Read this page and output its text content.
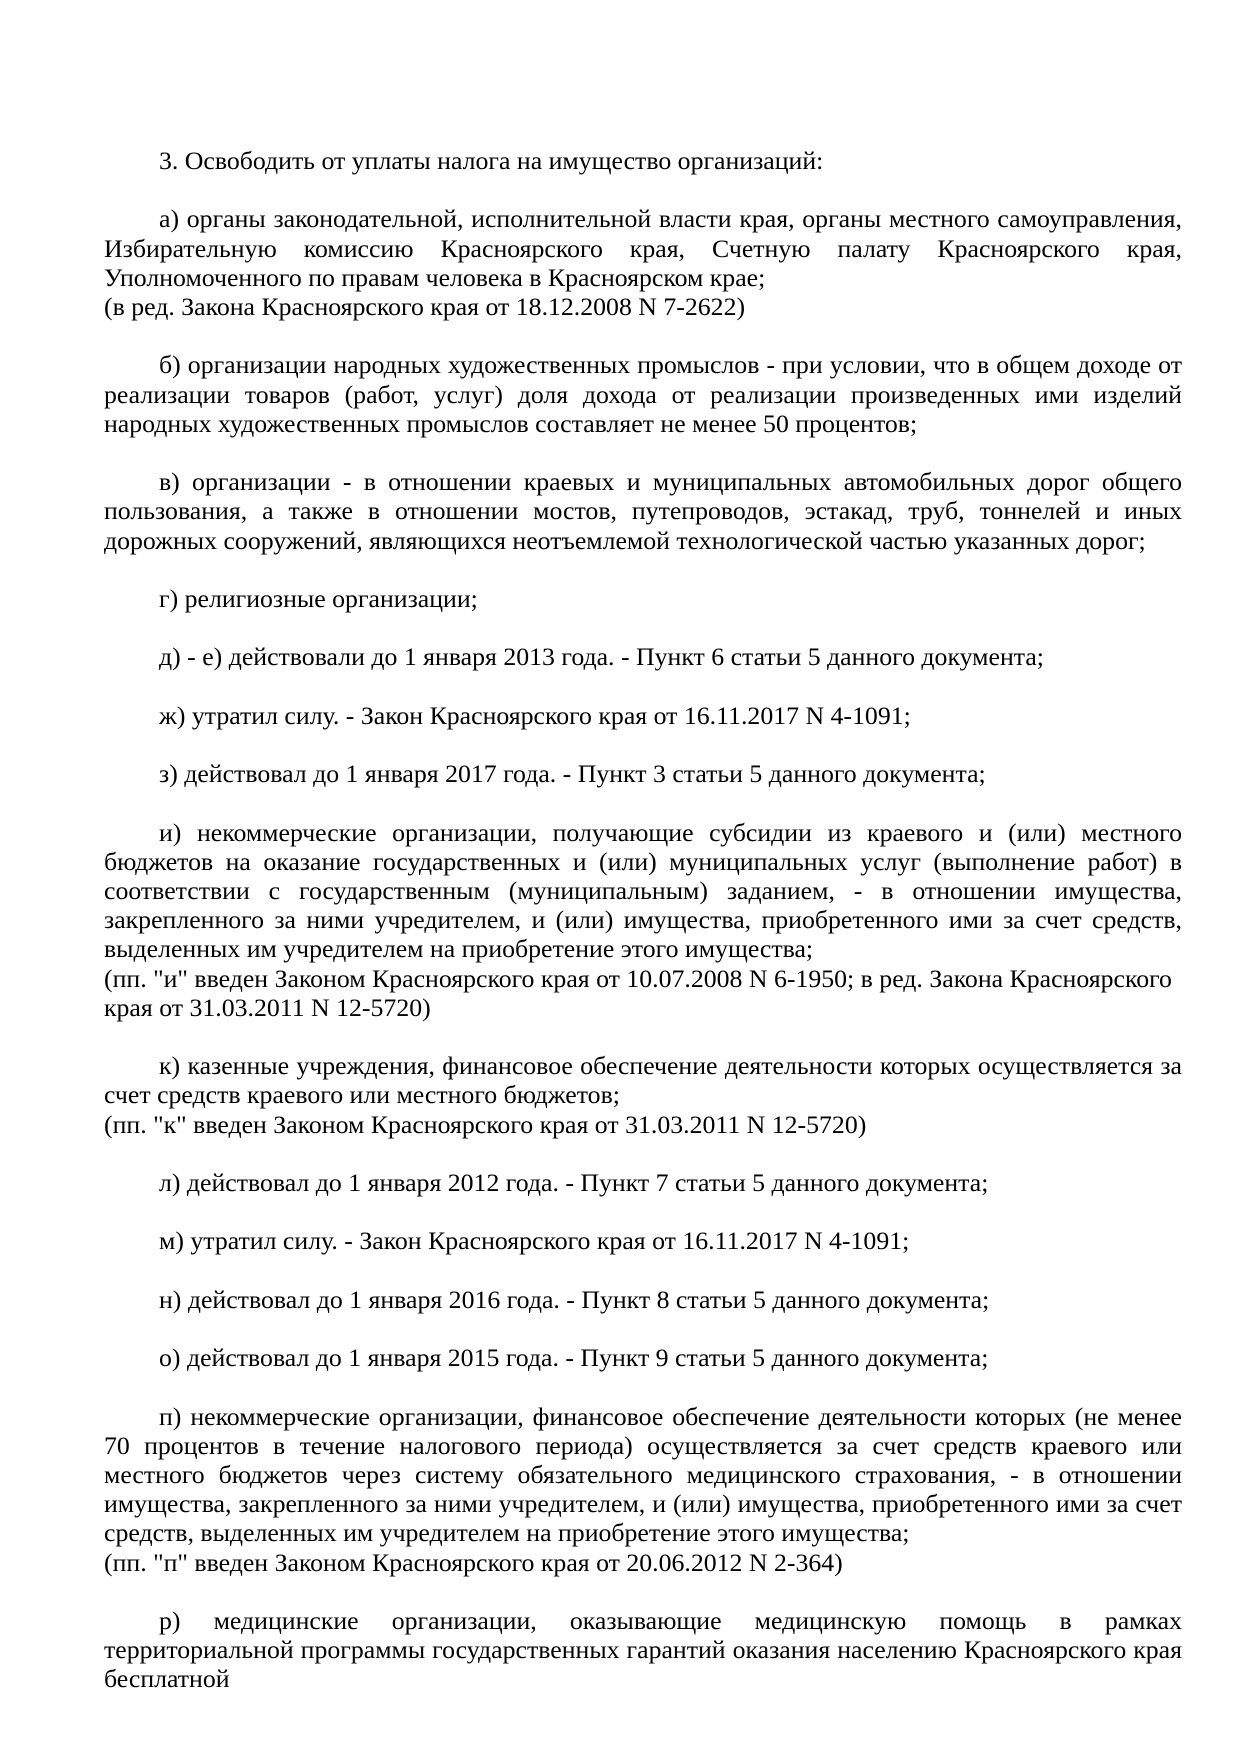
3. Освободить от уплаты налога на имущество организаций:

а) органы законодательной, исполнительной власти края, органы местного самоуправления, Избирательную комиссию Красноярского края, Счетную палату Красноярского края, Уполномоченного по правам человека в Красноярском крае;

(в ред. Закона Красноярского края от 18.12.2008 N 7-2622)

б) организации народных художественных промыслов - при условии, что в общем доходе от реализации товаров (работ, услуг) доля дохода от реализации произведенных ими изделий народных художественных промыслов составляет не менее 50 процентов;

в) организации - в отношении краевых и муниципальных автомобильных дорог общего пользования, а также в отношении мостов, путепроводов, эстакад, труб, тоннелей и иных дорожных сооружений, являющихся неотъемлемой технологической частью указанных дорог;

г) религиозные организации;

д) - е) действовали до 1 января 2013 года. - Пункт 6 статьи 5 данного документа;

ж) утратил силу. - Закон Красноярского края от 16.11.2017 N 4-1091;

з) действовал до 1 января 2017 года. - Пункт 3 статьи 5 данного документа;

и) некоммерческие организации, получающие субсидии из краевого и (или) местного бюджетов на оказание государственных и (или) муниципальных услуг (выполнение работ) в соответствии с государственным (муниципальным) заданием, - в отношении имущества, закрепленного за ними учредителем, и (или) имущества, приобретенного ими за счет средств, выделенных им учредителем на приобретение этого имущества;

(пп. "и" введен Законом Красноярского края от 10.07.2008 N 6-1950; в ред. Закона Красноярского края от 31.03.2011 N 12-5720)

к) казенные учреждения, финансовое обеспечение деятельности которых осуществляется за счет средств краевого или местного бюджетов;

(пп. "к" введен Законом Красноярского края от 31.03.2011 N 12-5720)

л) действовал до 1 января 2012 года. - Пункт 7 статьи 5 данного документа;

м) утратил силу. - Закон Красноярского края от 16.11.2017 N 4-1091;

н) действовал до 1 января 2016 года. - Пункт 8 статьи 5 данного документа;

о) действовал до 1 января 2015 года. - Пункт 9 статьи 5 данного документа;

п) некоммерческие организации, финансовое обеспечение деятельности которых (не менее 70 процентов в течение налогового периода) осуществляется за счет средств краевого или местного бюджетов через систему обязательного медицинского страхования, - в отношении имущества, закрепленного за ними учредителем, и (или) имущества, приобретенного ими за счет средств, выделенных им учредителем на приобретение этого имущества;

(пп. "п" введен Законом Красноярского края от 20.06.2012 N 2-364)

р) медицинские организации, оказывающие медицинскую помощь в рамках территориальной программы государственных гарантий оказания населению Красноярского края бесплатной
